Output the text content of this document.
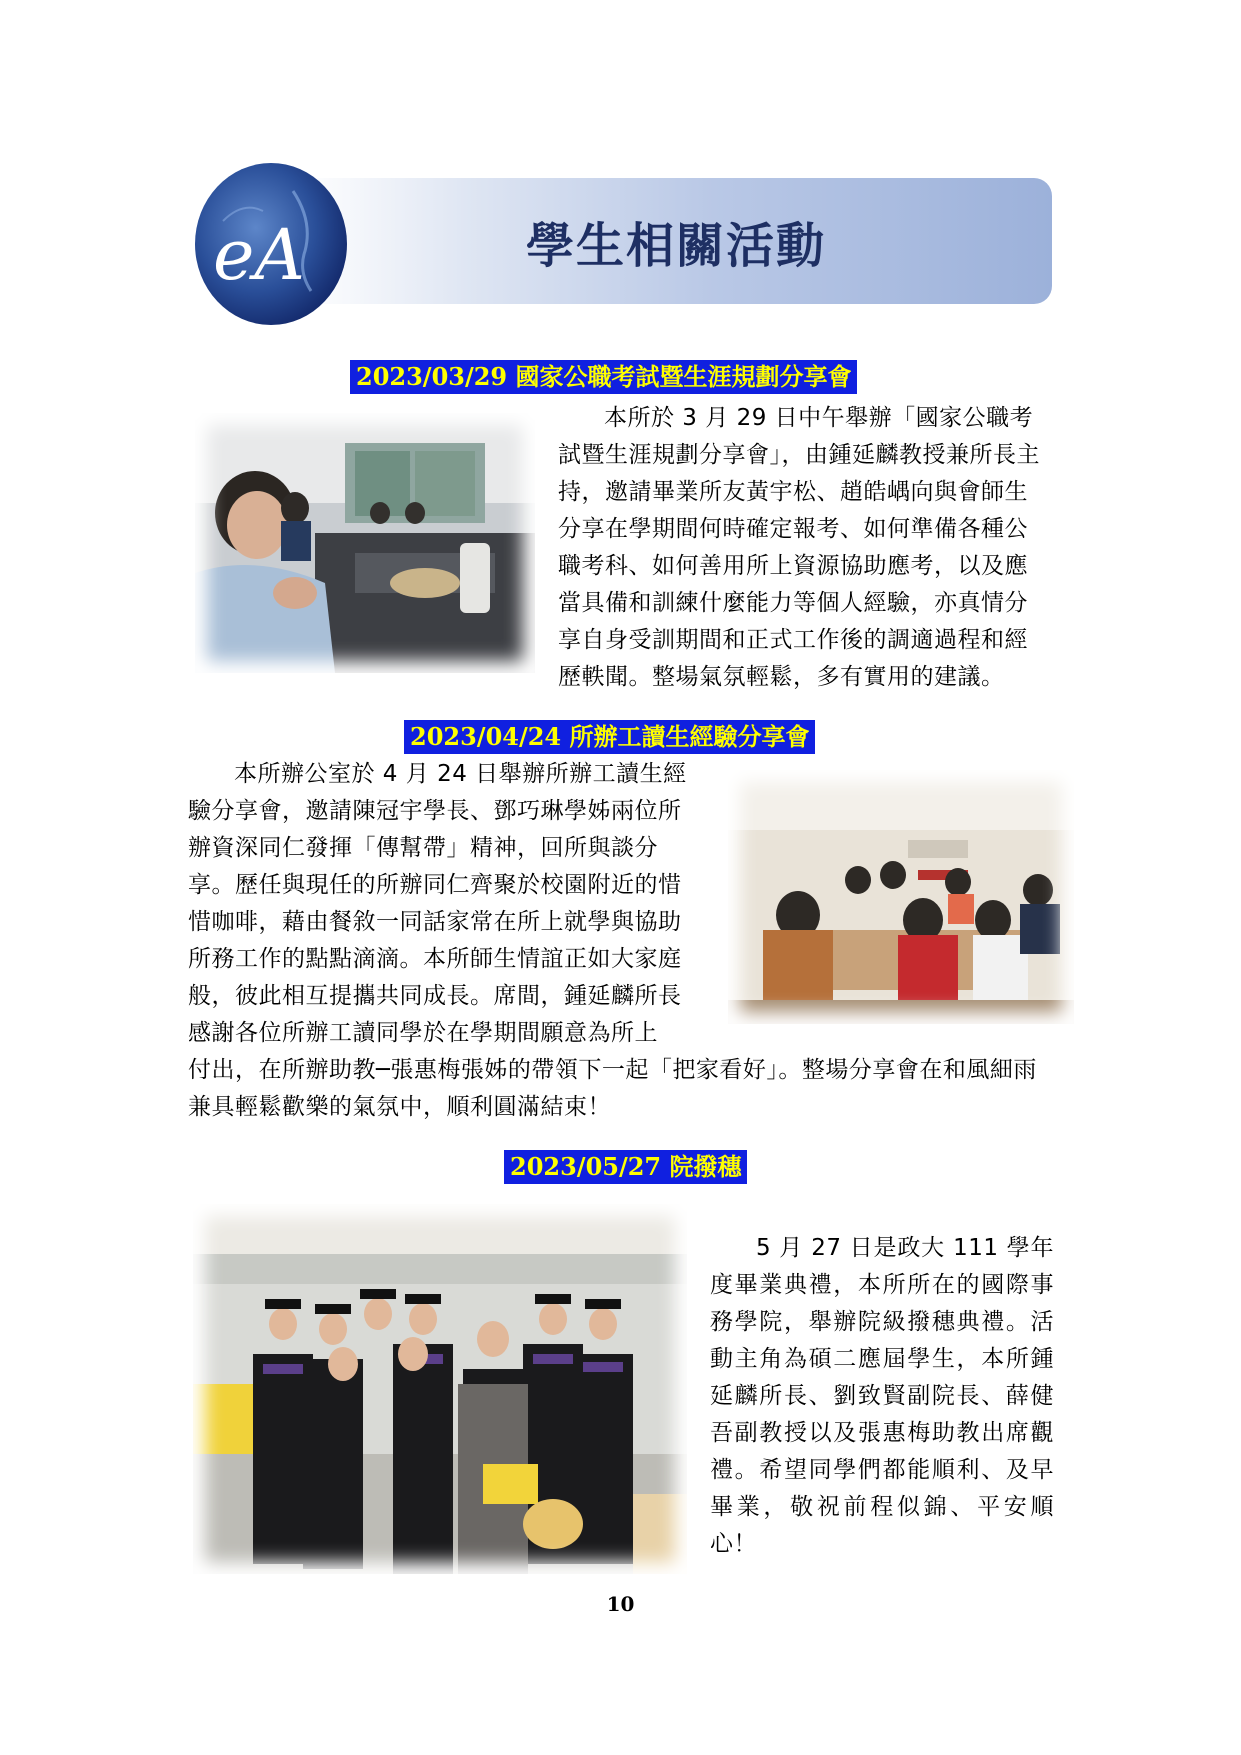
學生相關活動
eA
2023/03/29 國家公職考試暨生涯規劃分享會

本所於 3 月 29 日中午舉辦「國家公職考試暨生涯規劃分享會」，由鍾延麟教授兼所長主持，邀請畢業所友黃宇松、趙皓嵎向與會師生分享在學期間何時確定報考、如何準備各種公職考科、如何善用所上資源協助應考，以及應當具備和訓練什麼能力等個人經驗，亦真情分享自身受訓期間和正式工作後的調適過程和經歷軼聞。整場氣氛輕鬆，多有實用的建議。

2023/04/24 所辦工讀生經驗分享會

本所辦公室於 4 月 24 日舉辦所辦工讀生經驗分享會，邀請陳冠宇學長、鄧巧琳學姊兩位所辦資深同仁發揮「傳幫帶」精神，回所與談分享。歷任與現任的所辦同仁齊聚於校園附近的惜惜咖啡，藉由餐敘一同話家常在所上就學與協助所務工作的點點滴滴。本所師生情誼正如大家庭般，彼此相互提攜共同成長。席間，鍾延麟所長感謝各位所辦工讀同學於在學期間願意為所上

付出，在所辦助教─張惠梅張姊的帶領下一起「把家看好」。整場分享會在和風細雨兼具輕鬆歡樂的氣氛中，順利圓滿結束！

2023/05/27 院撥穗

5 月 27 日是政大 111 學年度畢業典禮，本所所在的國際事務學院，舉辦院級撥穗典禮。活動主角為碩二應屆學生，本所鍾延麟所長、劉致賢副院長、薛健吾副教授以及張惠梅助教出席觀禮。希望同學們都能順利、及早畢業，敬祝前程似錦、平安順心！

10
